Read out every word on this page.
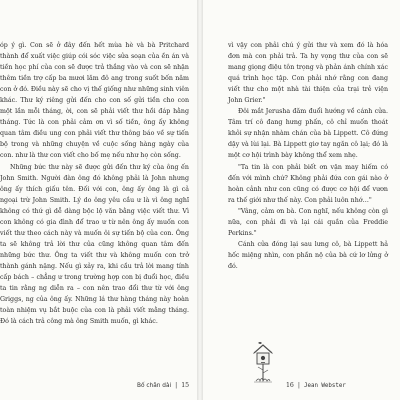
óp ý gì. Con sẽ ở đây đến hết mùa hè và bà Pritchard thành để xuất việc giúp cói sóc việc sửa soạn của ền án và tiền học phí của con sẽ được trả thắng vào và con sẽ nhận thêm tiền trợ cấp ba mươi lăm đô ang trong suốt bốn năm con ở đó. Điều này sẽ cho vị thế giống như những sinh viên khác. Thư ký riêng gửi đến cho con số gửi tiền cho con một lần mỗi tháng, ời, con sẽ phải viết thư hồi đáp hằng tháng. Tức là con phải cảm ơn vì số tiền, ông ấy không quan tâm điều ung con phải viết thư thông báo về sự tiến bộ trong và những chuyện về cuộc sống hàng ngày của con. như là thư con viết cho bố mẹ nếu như họ còn sống.

Những bức thư này sẽ được gửi đến thư ký của ông ến John Smith. Người đàn ông đó không phải là John nhưng ông ấy thích giấu tên. Đối với con, ông ấy ông là gì cả ngoại trừ John Smith. Lý do ông yêu cầu ư là vì ông nghĩ không có thứ gì dễ dàng bộc lộ văn bằng việc viết thư. Vì con không có gia đình để trao ư từ nên ông ấy muốn con viết thư theo cách này và muốn ôi sự tiến bộ của con. Ông ta sẽ không trả lời thư của cũng không quan tâm đến những bức thư. Ông ta viết thư và không muốn con trở thành gánh nặng. Nếu gì xảy ra, khi cầu trả lời mang tính cấp bách – chẳng ư trong trường hợp con bị đuổi học, điều ta tin rằng ng diễn ra – con nên trao đổi thư từ với ông Griggs, ng của ông ấy. Những lá thư hàng tháng này hoàn toàn nhiệm vụ bắt buộc của con là phải viết mằng tháng. Đó là cách trả công mà ông Smith muốn, gì khác.

Bố chân dài | 15

vì vậy con phải chú ý gửi thư và xem đó là hóa đơn mà con phải trả. Ta hy vọng thư của con sẽ mang giọng điệu tôn trọng và phản ánh chính xác quá trình học tập. Con phải nhớ rằng con đang viết thư cho một nhà tài thiện của trại trẻ viện John Grier."

Đôi mắt Jerusha đăm đuổi hướng về cánh cửa. Tâm trí cô đang hưng phấn, cô chỉ muốn thoát khỏi sự nhận nhàm chán của bà Lippett. Cô đứng dậy và lùi lại. Bà Lippett giơ tay ngăn cô lại; đó là một cơ hội trình bày không thể xem nhẹ.

"Ta tin là con phải biết ơn vận may hiếm có đến với mình chứ? Không phải đứa con gái nào ở hoàn cảnh như con cũng có được cơ hội để vươn ra thế giới như thế này. Con phải luôn nhớ…"

"Vâng, cảm ơn bà. Con nghĩ, nếu không còn gì nữa, con phải đi và lại cái quần của Freddie Perkins."

Cánh cửa đóng lại sau lưng cô, bà Lippett hả hốc miệng nhìn, con phần nộ của bà cứ lơ lửng ở đó.

16 | Jean Webster
